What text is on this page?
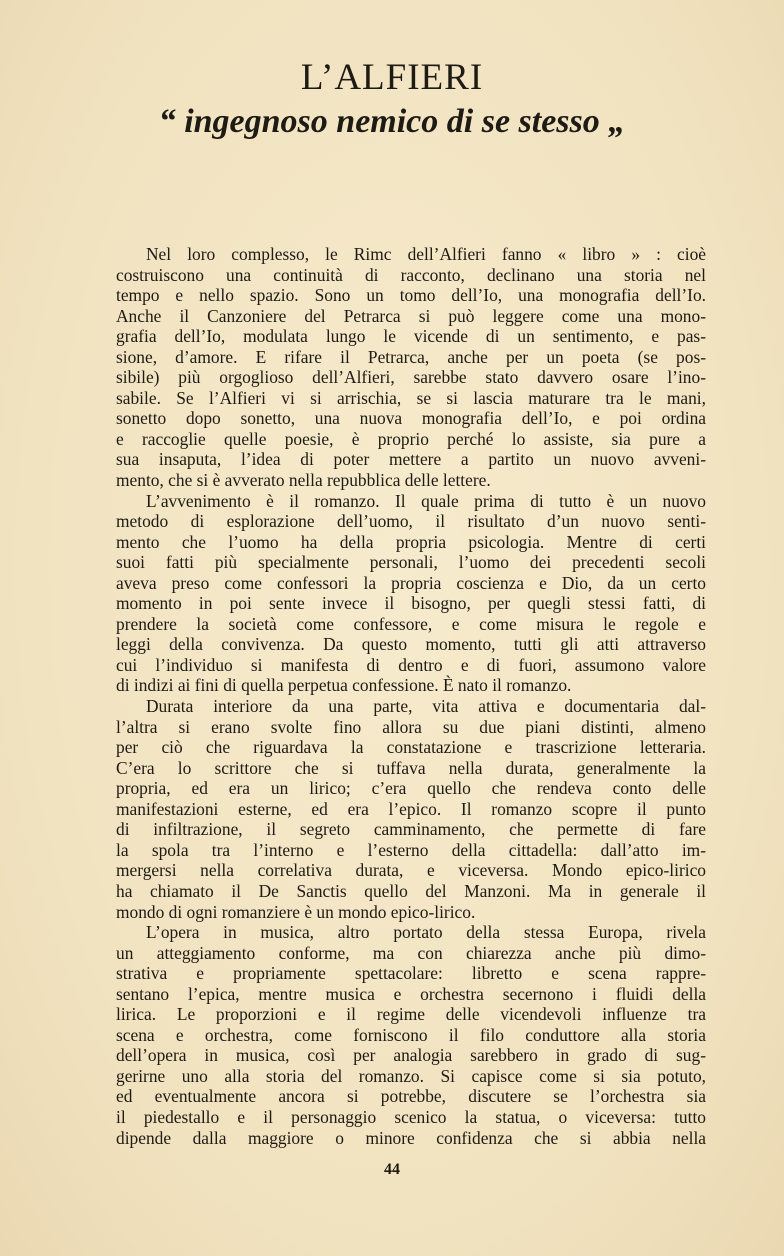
L’ALFIERI
“ ingegnoso nemico di se stesso „
Nel loro complesso, le Rimc dell’Alfieri fanno « libro » : cioè
costruiscono una continuità di racconto, declinano una storia nel
tempo e nello spazio. Sono un tomo dell’Io, una monografia dell’Io.
Anche il Canzoniere del Petrarca si può leggere come una mono-
grafia dell’Io, modulata lungo le vicende di un sentimento, e pas-
sione, d’amore. E rifare il Petrarca, anche per un poeta (se pos-
sibile) più orgoglioso dell’Alfieri, sarebbe stato davvero osare l’ino-
sabile. Se l’Alfieri vi si arrischia, se si lascia maturare tra le mani,
sonetto dopo sonetto, una nuova monografia dell’Io, e poi ordina
e raccoglie quelle poesie, è proprio perché lo assiste, sia pure a
sua insaputa, l’idea di poter mettere a partito un nuovo avveni-
mento, che si è avverato nella repubblica delle lettere.
L’avvenimento è il romanzo. Il quale prima di tutto è un nuovo
metodo di esplorazione dell’uomo, il risultato d’un nuovo senti-
mento che l’uomo ha della propria psicologia. Mentre di certi
suoi fatti più specialmente personali, l’uomo dei precedenti secoli
aveva preso come confessori la propria coscienza e Dio, da un certo
momento in poi sente invece il bisogno, per quegli stessi fatti, di
prendere la società come confessore, e come misura le regole e
leggi della convivenza. Da questo momento, tutti gli atti attraverso
cui l’individuo si manifesta di dentro e di fuori, assumono valore
di indizi ai fini di quella perpetua confessione. È nato il romanzo.
Durata interiore da una parte, vita attiva e documentaria dal-
l’altra si erano svolte fino allora su due piani distinti, almeno
per ciò che riguardava la constatazione e trascrizione letteraria.
C’era lo scrittore che si tuffava nella durata, generalmente la
propria, ed era un lirico; c’era quello che rendeva conto delle
manifestazioni esterne, ed era l’epico. Il romanzo scopre il punto
di infiltrazione, il segreto camminamento, che permette di fare
la spola tra l’interno e l’esterno della cittadella: dall’atto im-
mergersi nella correlativa durata, e viceversa. Mondo epico-lirico
ha chiamato il De Sanctis quello del Manzoni. Ma in generale il
mondo di ogni romanziere è un mondo epico-lirico.
L’opera in musica, altro portato della stessa Europa, rivela
un atteggiamento conforme, ma con chiarezza anche più dimo-
strativa e propriamente spettacolare: libretto e scena rappre-
sentano l’epica, mentre musica e orchestra secernono i fluidi della
lirica. Le proporzioni e il regime delle vicendevoli influenze tra
scena e orchestra, come forniscono il filo conduttore alla storia
dell’opera in musica, così per analogia sarebbero in grado di sug-
gerirne uno alla storia del romanzo. Si capisce come si sia potuto,
ed eventualmente ancora si potrebbe, discutere se l’orchestra sia
il piedestallo e il personaggio scenico la statua, o viceversa: tutto
dipende dalla maggiore o minore confidenza che si abbia nella
44
